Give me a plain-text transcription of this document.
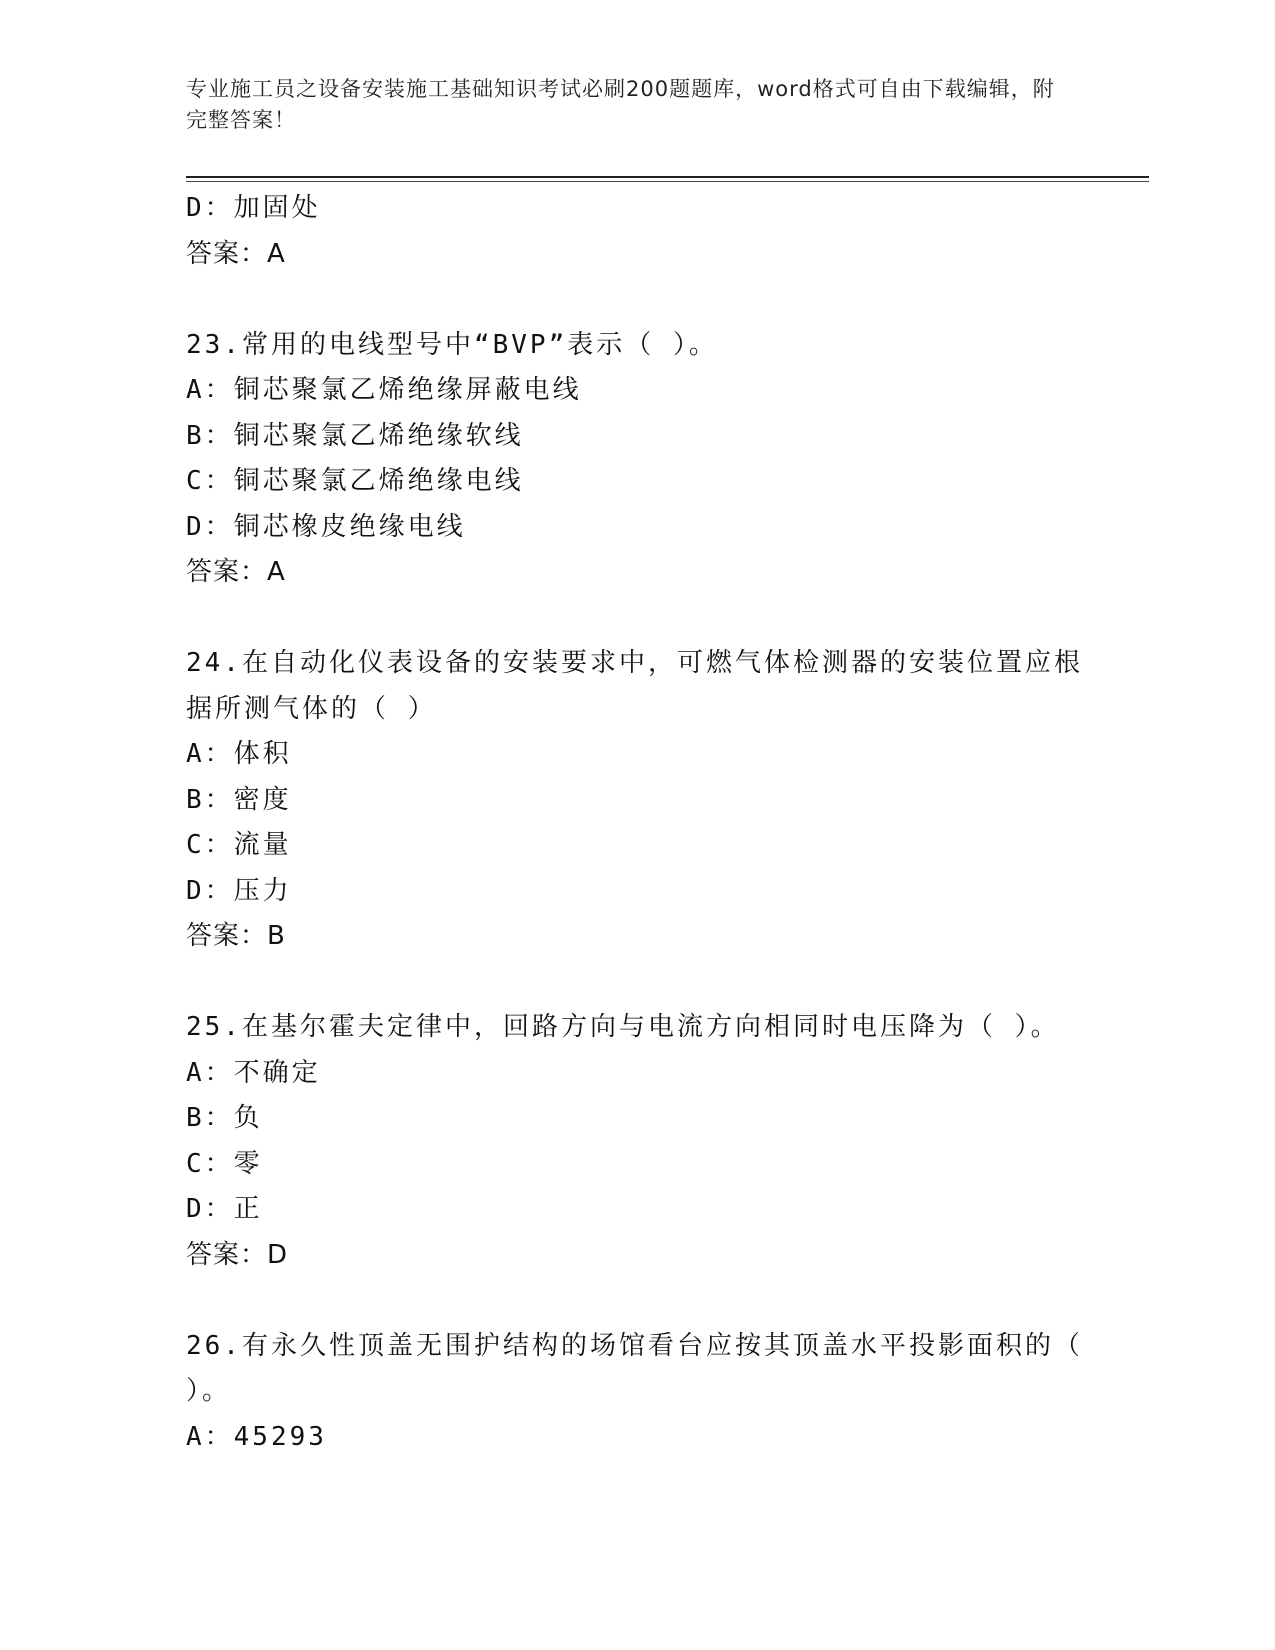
专业施工员之设备安装施工基础知识考试必刷200题题库，word格式可自由下载编辑，附完整答案！
D：加固处
答案：A
23.常用的电线型号中“BVP”表示（ ）。
A：铜芯聚氯乙烯绝缘屏蔽电线
B：铜芯聚氯乙烯绝缘软线
C：铜芯聚氯乙烯绝缘电线
D：铜芯橡皮绝缘电线
答案：A
24.在自动化仪表设备的安装要求中，可燃气体检测器的安装位置应根据所测气体的（ ）
A：体积
B：密度
C：流量
D：压力
答案：B
25.在基尔霍夫定律中，回路方向与电流方向相同时电压降为（ ）。
A：不确定
B：负
C：零
D：正
答案：D
26.有永久性顶盖无围护结构的场馆看台应按其顶盖水平投影面积的（ ）。
A：45293
